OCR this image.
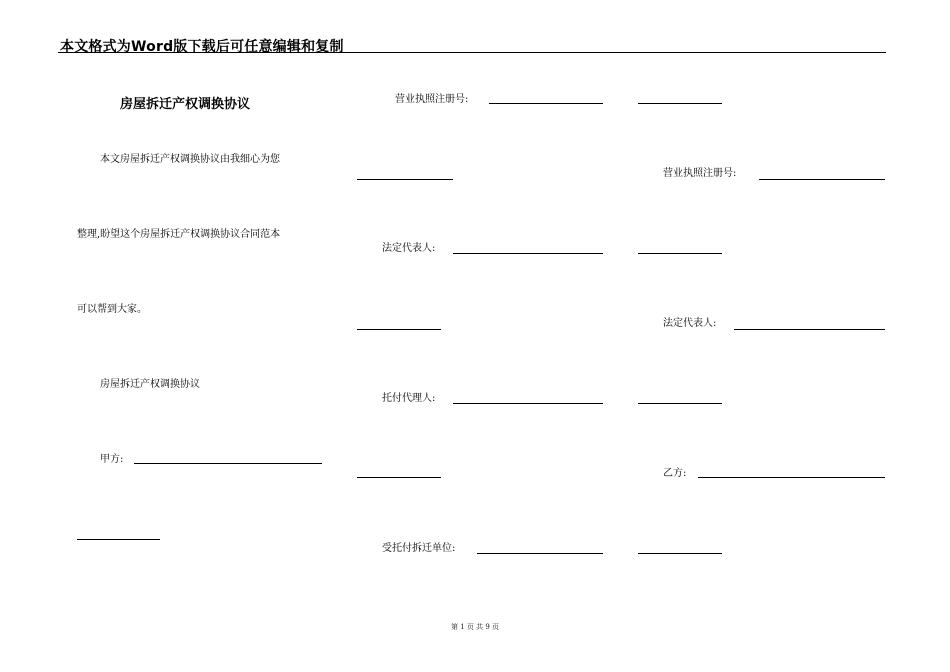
本文格式为Word版下载后可任意编辑和复制
房屋拆迁产权调换协议
本文房屋拆迁产权调换协议由我细心为您
整理,盼望这个房屋拆迁产权调换协议合同范本
可以帮到大家。
房屋拆迁产权调换协议
甲方:
营业执照注册号:
法定代表人:
托付代理人:
受托付拆迁单位:
营业执照注册号:
法定代表人:
乙方:
第 1 页 共 9 页
